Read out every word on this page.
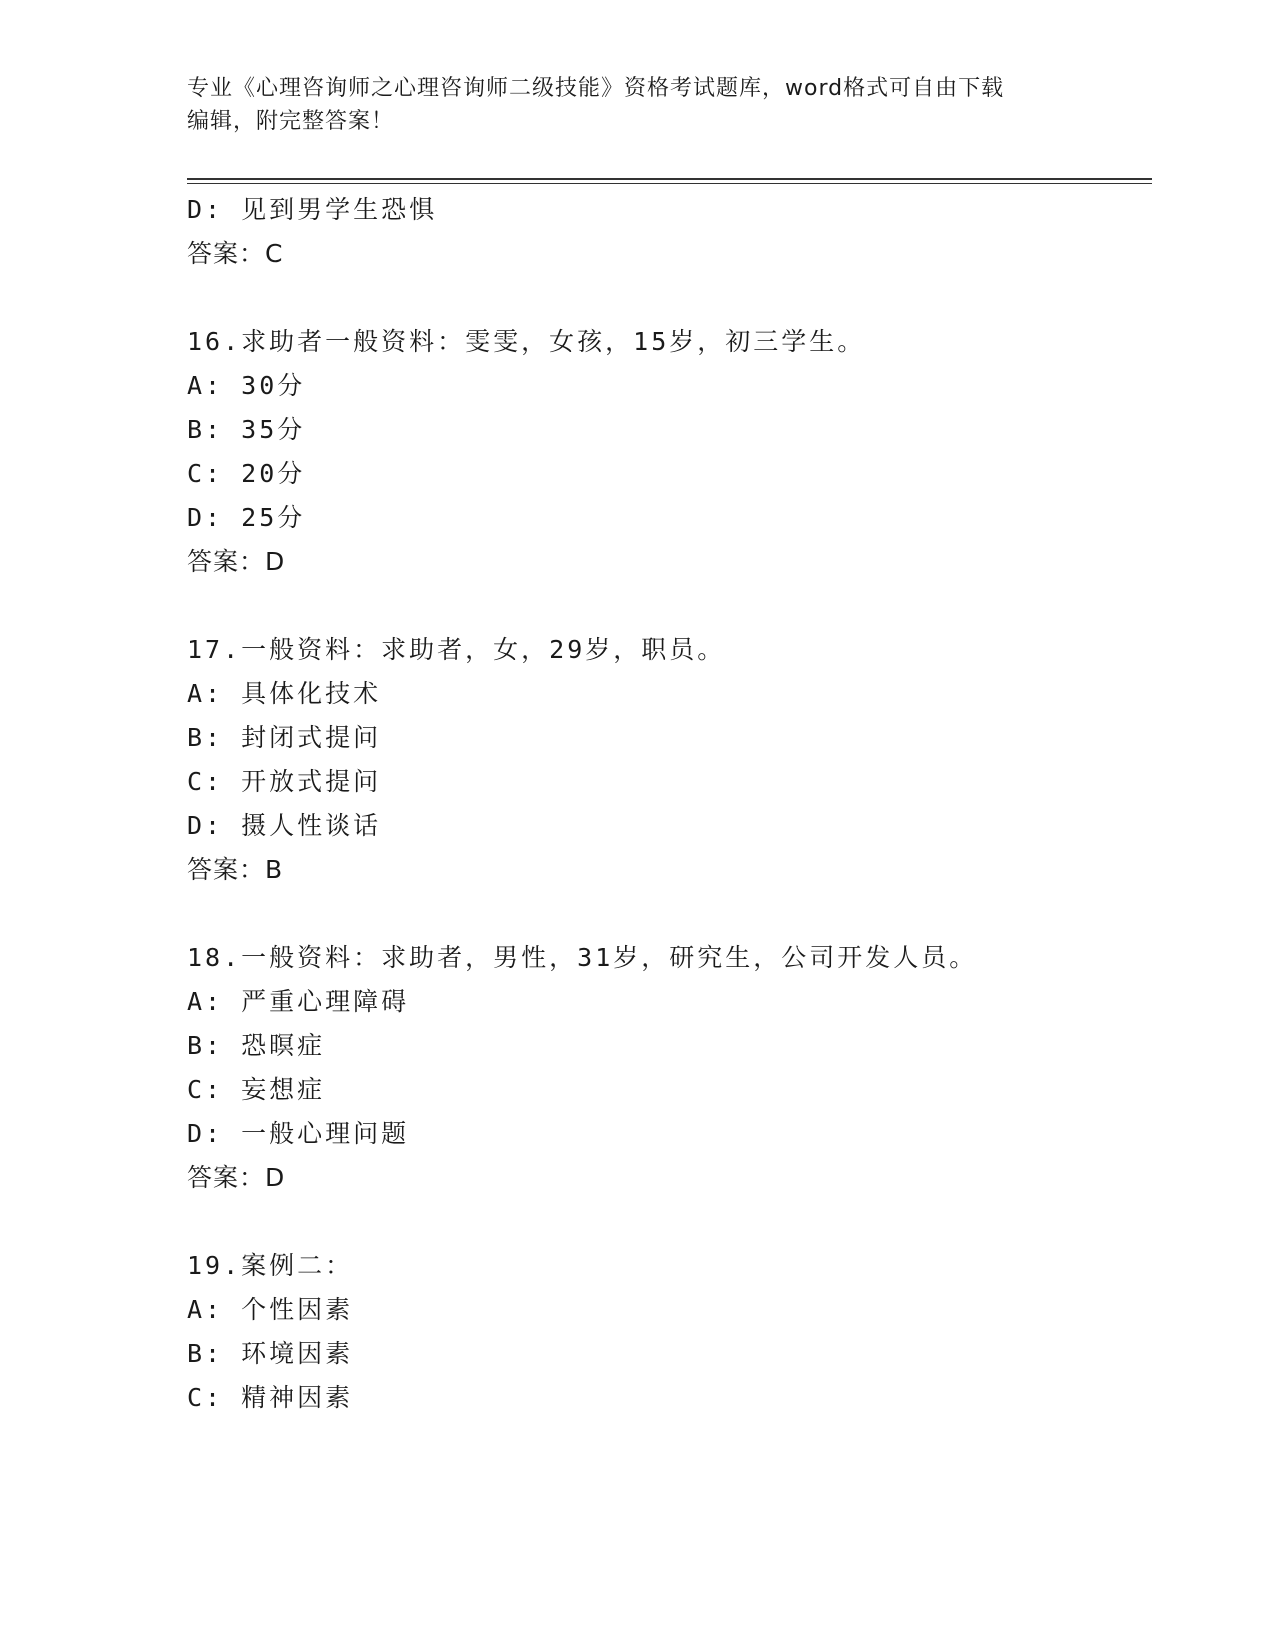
专业《心理咨询师之心理咨询师二级技能》资格考试题库，word格式可自由下载
编辑，附完整答案！
D: 见到男学生恐惧
答案：C
16.求助者一般资料：雯雯，女孩，15岁，初三学生。
A: 30分
B: 35分
C: 20分
D: 25分
答案：D
17.一般资料：求助者，女，29岁，职员。
A: 具体化技术
B: 封闭式提问
C: 开放式提问
D: 摄人性谈话
答案：B
18.一般资料：求助者，男性，31岁，研究生，公司开发人员。
A: 严重心理障碍
B: 恐暝症
C: 妄想症
D: 一般心理问题
答案：D
19.案例二：
A: 个性因素
B: 环境因素
C: 精神因素
